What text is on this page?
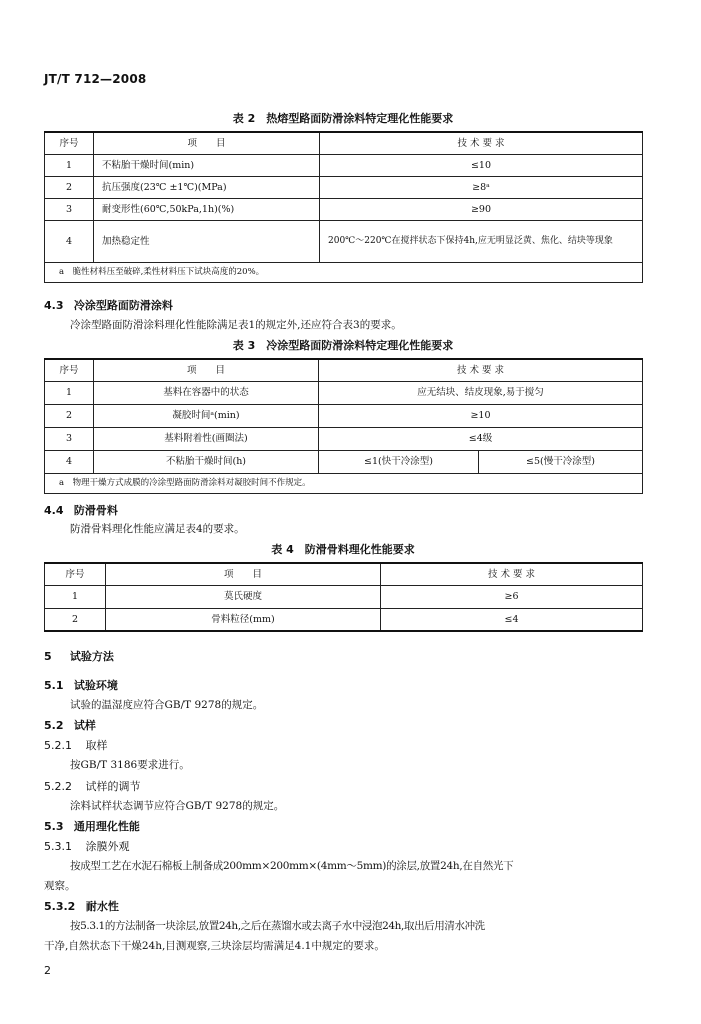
JT/T 712—2008
表 2　热熔型路面防滑涂料特定理化性能要求
序号	项　　目	技 术 要 求
1	不粘胎干燥时间(min)	≤10
2	抗压强度(23℃ ±1℃)(MPa)	≥8ᵃ
3	耐变形性(60℃,50kPa,1h)(%)	≥90
4	加热稳定性	200℃～220℃在搅拌状态下保持4h,应无明显泛黄、焦化、结块等现象
a　脆性材料压至破碎,柔性材料压下试块高度的20%。		
4.3 冷涂型路面防滑涂料
冷涂型路面防滑涂料理化性能除满足表1的规定外,还应符合表3的要求。
表 3　冷涂型路面防滑涂料特定理化性能要求
序号	项　　目	技 术 要 求	
1	基料在容器中的状态	应无结块、结皮现象,易于搅匀	
2	凝胶时间ᵃ(min)	≥10	
3	基料附着性(画圈法)	≤4级	
4	不粘胎干燥时间(h)	≤1(快干冷涂型)	≤5(慢干冷涂型)
a　物理干燥方式成膜的冷涂型路面防滑涂料对凝胶时间不作规定。			
4.4 防滑骨料
防滑骨料理化性能应满足表4的要求。
表 4　防滑骨料理化性能要求
序号	项　　目	技 术 要 求
1	莫氏硬度	≥6
2	骨料粒径(mm)	≤4
5 试验方法
5.1 试验环境
试验的温湿度应符合GB/T 9278的规定。
5.2 试样
5.2.1 取样
按GB/T 3186要求进行。
5.2.2 试样的调节
涂料试样状态调节应符合GB/T 9278的规定。
5.3 通用理化性能
5.3.1 涂膜外观
按成型工艺在水泥石棉板上制备成200mm×200mm×(4mm～5mm)的涂层,放置24h,在自然光下
观察。
5.3.2 耐水性
按5.3.1的方法制备一块涂层,放置24h,之后在蒸馏水或去离子水中浸泡24h,取出后用清水冲洗
干净,自然状态下干燥24h,目测观察,三块涂层均需满足4.1中规定的要求。
2
